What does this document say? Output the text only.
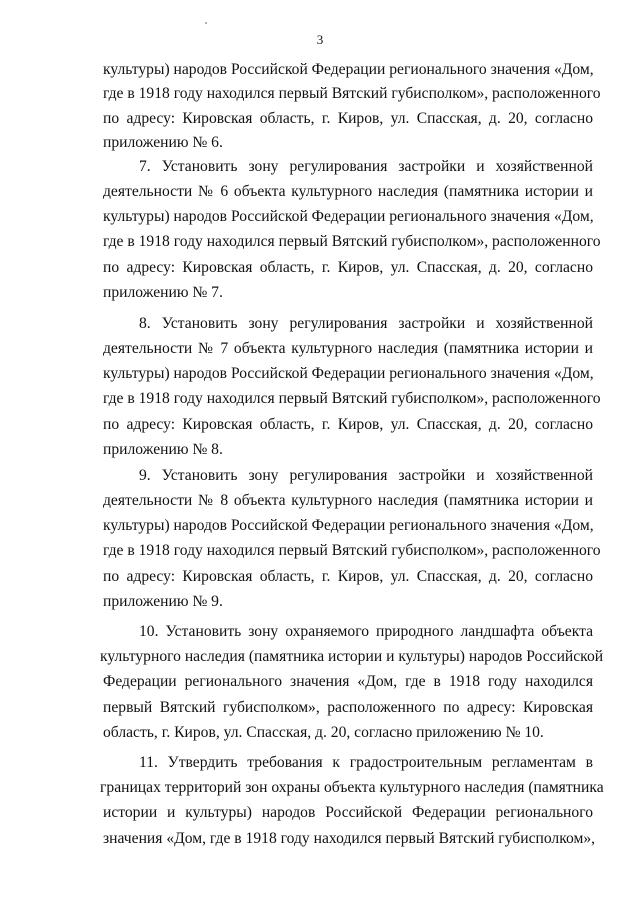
3
культуры) народов Российской Федерации регионального значения «Дом,
где в 1918 году находился первый Вятский губисполком», расположенного
по адресу: Кировская область, г. Киров, ул. Спасская, д. 20, согласно
приложению № 6.
7. Установить зону регулирования застройки и хозяйственной
деятельности № 6 объекта культурного наследия (памятника истории и
культуры) народов Российской Федерации регионального значения «Дом,
где в 1918 году находился первый Вятский губисполком», расположенного
по адресу: Кировская область, г. Киров, ул. Спасская, д. 20, согласно
приложению № 7.
8. Установить зону регулирования застройки и хозяйственной
деятельности № 7 объекта культурного наследия (памятника истории и
культуры) народов Российской Федерации регионального значения «Дом,
где в 1918 году находился первый Вятский губисполком», расположенного
по адресу: Кировская область, г. Киров, ул. Спасская, д. 20, согласно
приложению № 8.
9. Установить зону регулирования застройки и хозяйственной
деятельности № 8 объекта культурного наследия (памятника истории и
культуры) народов Российской Федерации регионального значения «Дом,
где в 1918 году находился первый Вятский губисполком», расположенного
по адресу: Кировская область, г. Киров, ул. Спасская, д. 20, согласно
приложению № 9.
10. Установить зону охраняемого природного ландшафта объекта
культурного наследия (памятника истории и культуры) народов Российской
Федерации регионального значения «Дом, где в 1918 году находился
первый Вятский губисполком», расположенного по адресу: Кировская
область, г. Киров, ул. Спасская, д. 20, согласно приложению № 10.
11. Утвердить требования к градостроительным регламентам в
границах территорий зон охраны объекта культурного наследия (памятника
истории и культуры) народов Российской Федерации регионального
значения «Дом, где в 1918 году находился первый Вятский губисполком»,
